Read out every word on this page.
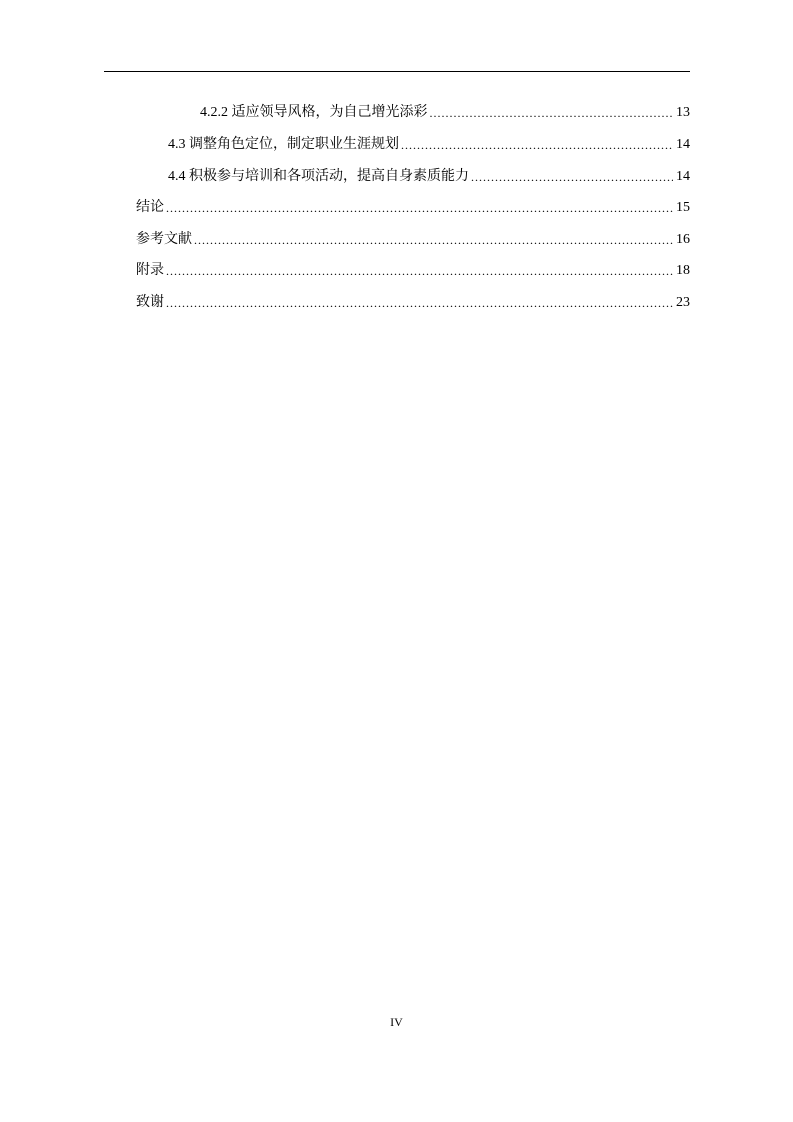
4.2.2 适应领导风格，为自己增光添彩 .....	13
4.3 调整角色定位，制定职业生涯规划 .....	14
4.4 积极参与培训和各项活动，提高自身素质能力 .....	14
结论 .....	15
参考文献 .....	16
附录 .....	18
致谢 .....	23
IV
